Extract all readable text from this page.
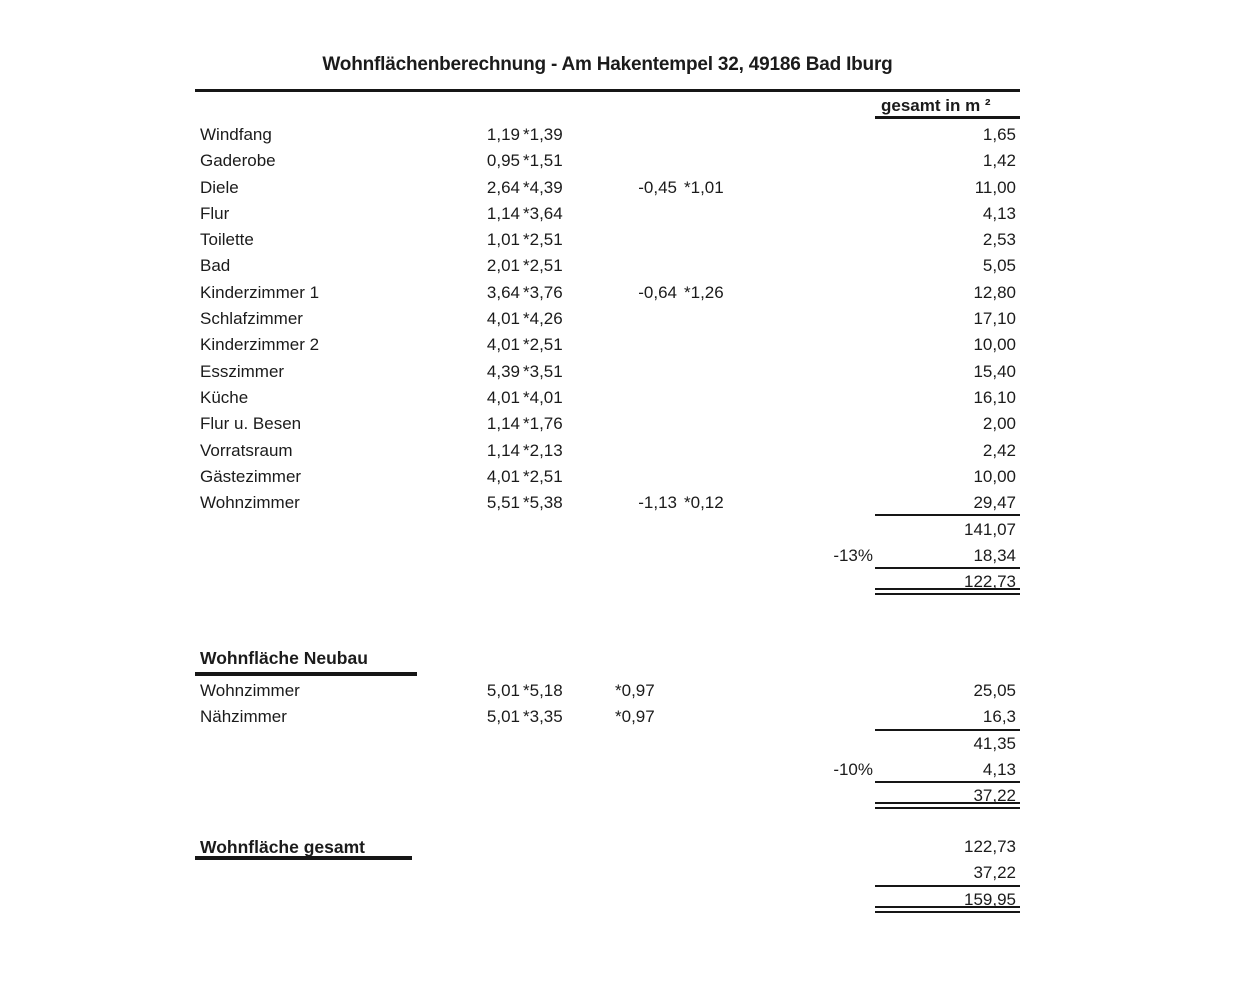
Wohnflächenberechnung - Am Hakentempel 32, 49186 Bad Iburg
gesamt in m ²
Windfang	1,19 *1,39	1,65
Gaderobe	0,95 *1,51	1,42
Diele	2,64 *4,39	-0,45 *1,01	11,00
Flur	1,14 *3,64	4,13
Toilette	1,01 *2,51	2,53
Bad	2,01 *2,51	5,05
Kinderzimmer 1	3,64 *3,76	-0,64 *1,26	12,80
Schlafzimmer	4,01 *4,26	17,10
Kinderzimmer 2	4,01 *2,51	10,00
Esszimmer	4,39 *3,51	15,40
Küche	4,01 *4,01	16,10
Flur u. Besen	1,14 *1,76	2,00
Vorratsraum	1,14 *2,13	2,42
Gästezimmer	4,01 *2,51	10,00
Wohnzimmer	5,51 *5,38	-1,13 *0,12	29,47
141,07
-13%	18,34
122,73
Wohnfläche Neubau
Wohnzimmer	5,01 *5,18	*0,97	25,05
Nähzimmer	5,01 *3,35	*0,97	16,3
41,35
-10%	4,13
37,22
Wohnfläche gesamt	122,73
37,22
159,95
